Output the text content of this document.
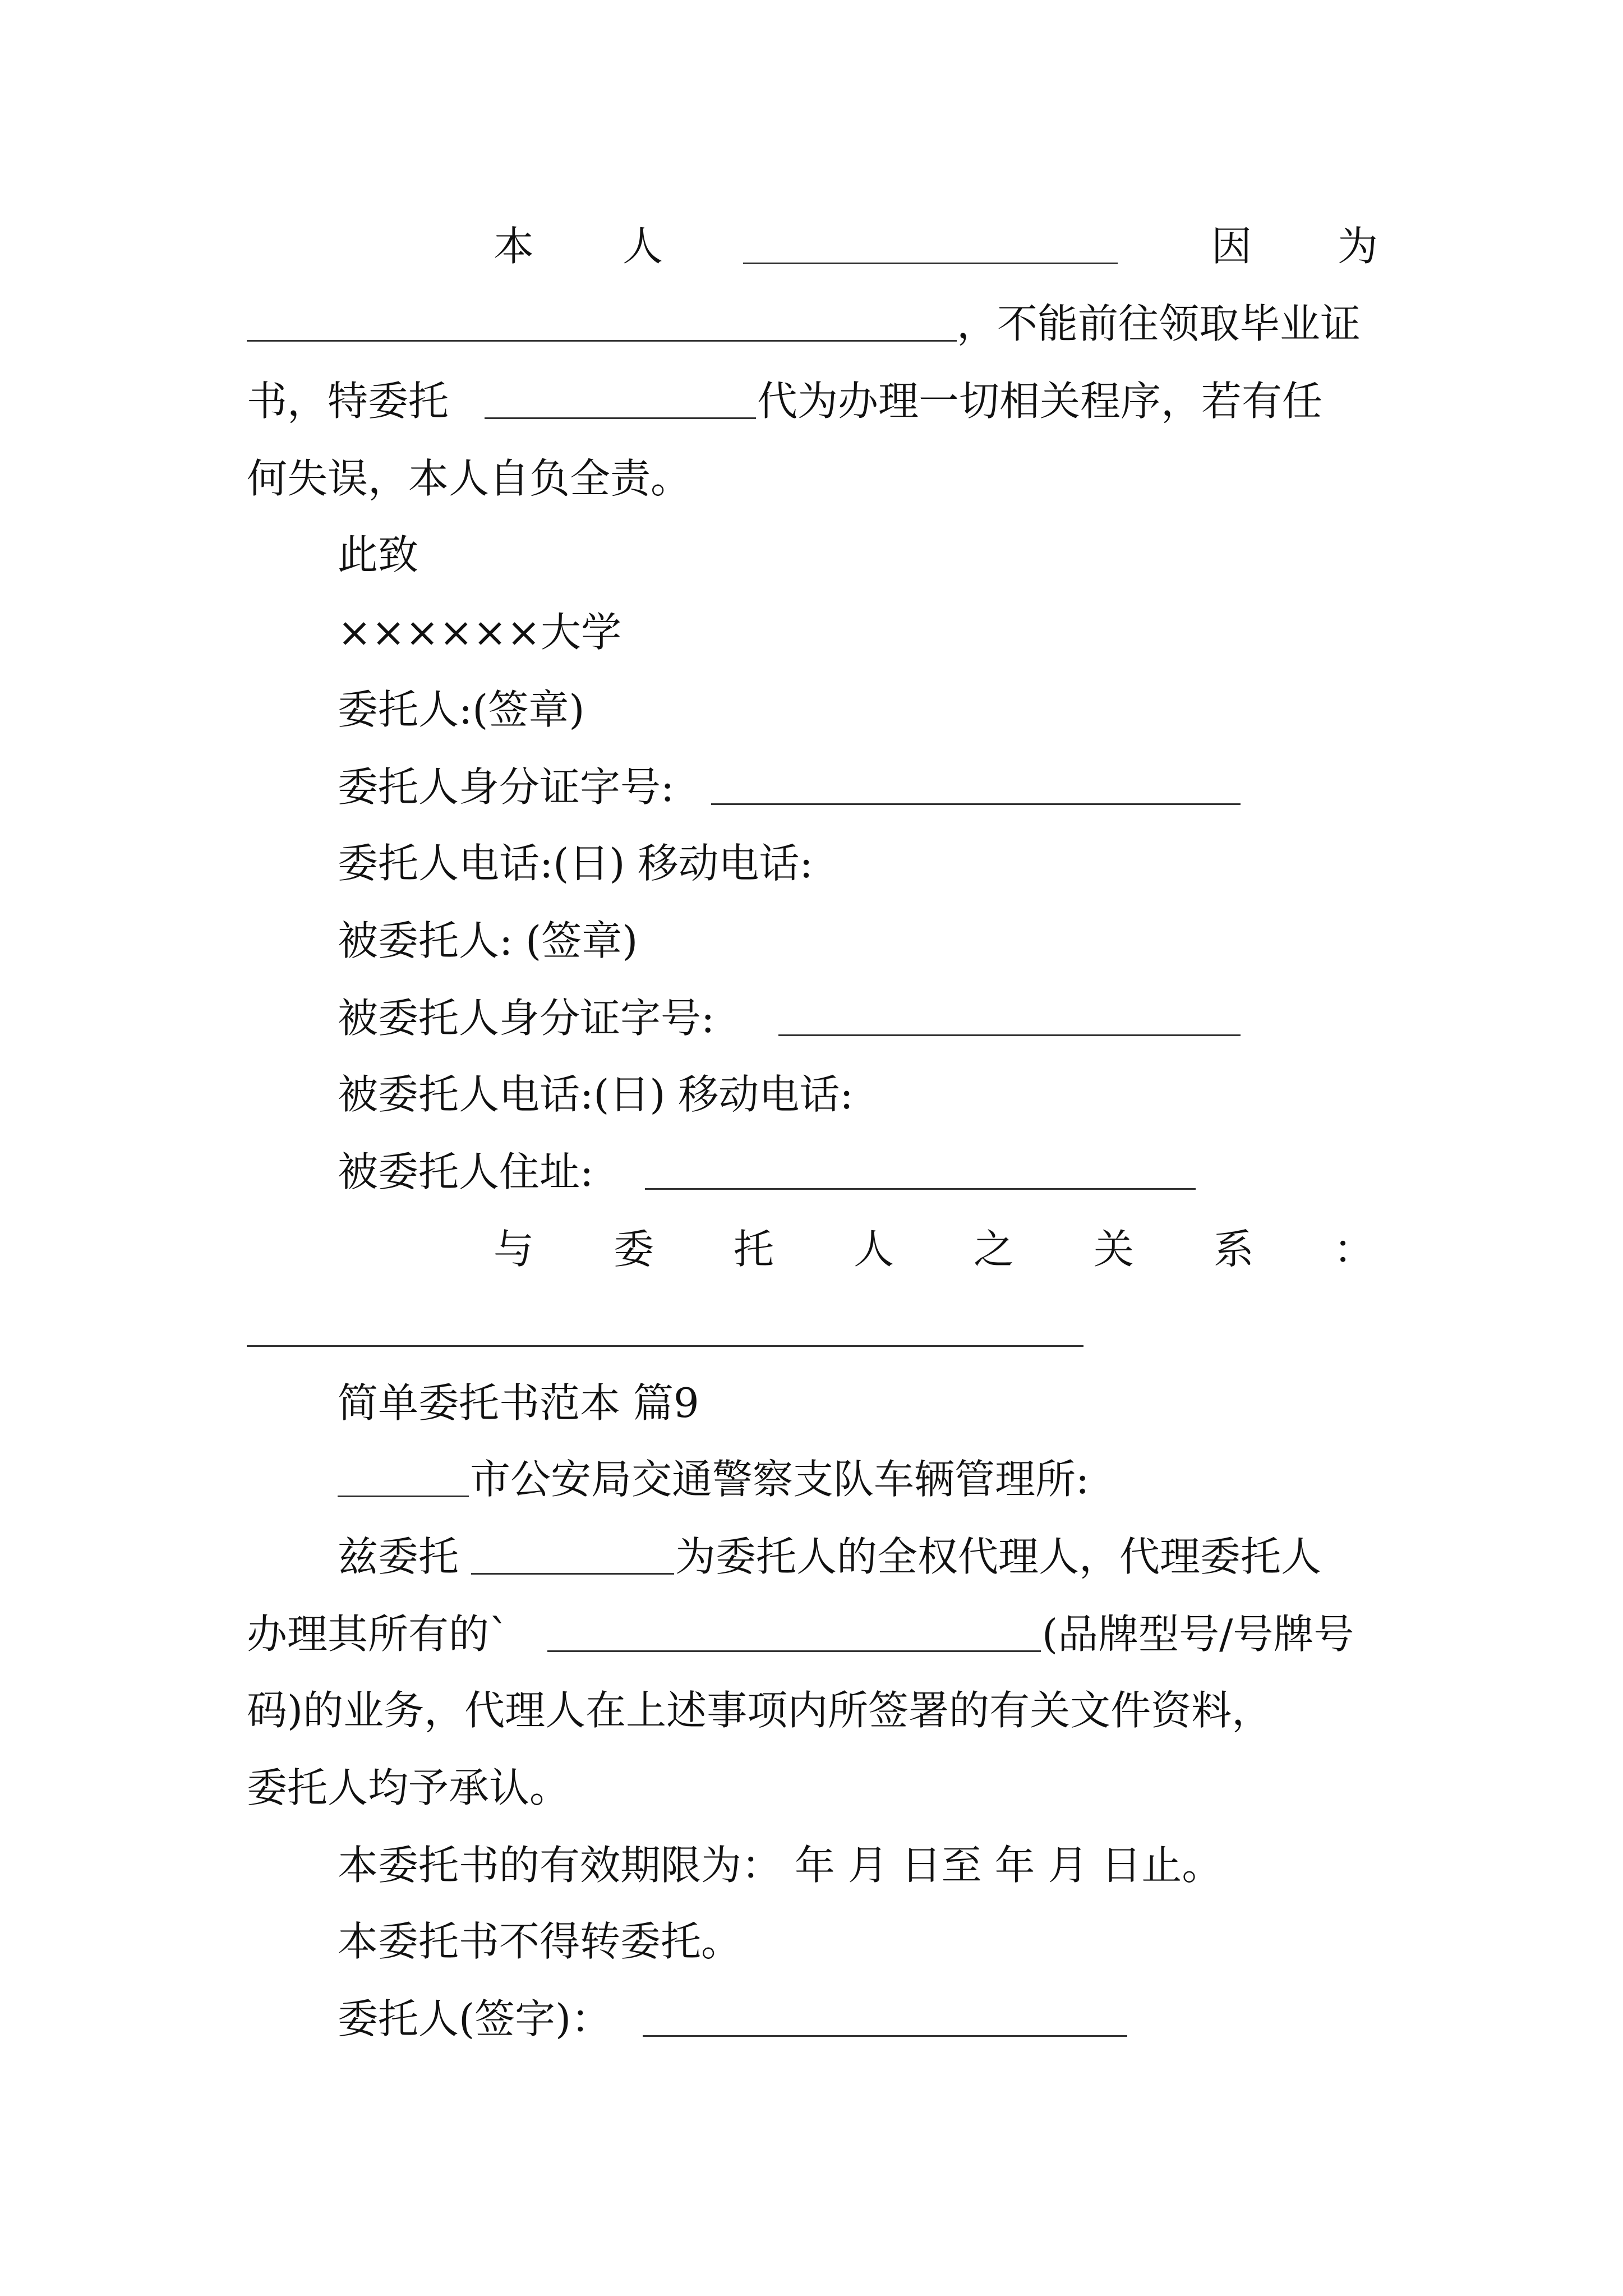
本 人	因 为
，不能前往领取毕业证
书，特委托	代为办理一切相关程序，若有任
何失误，本人自负全责。
此致
××××××大学
委托人:(签章)
委托人身分证字号:
委托人电话:(日) 移动电话:
被委托人: (签章)
被委托人身分证字号:
被委托人电话:(日) 移动电话:
被委托人住址:
与 委 托 人 之 关 系 ：
简单委托书范本 篇9
市公安局交通警察支队车辆管理所:
兹委托	为委托人的全权代理人，代理委托人
办理其所有的`	(品牌型号/号牌号
码)的业务，代理人在上述事项内所签署的有关文件资料，
委托人均予承认。
本委托书的有效期限为： 年 月 日至 年 月 日止。
本委托书不得转委托。
委托人(签字)：
